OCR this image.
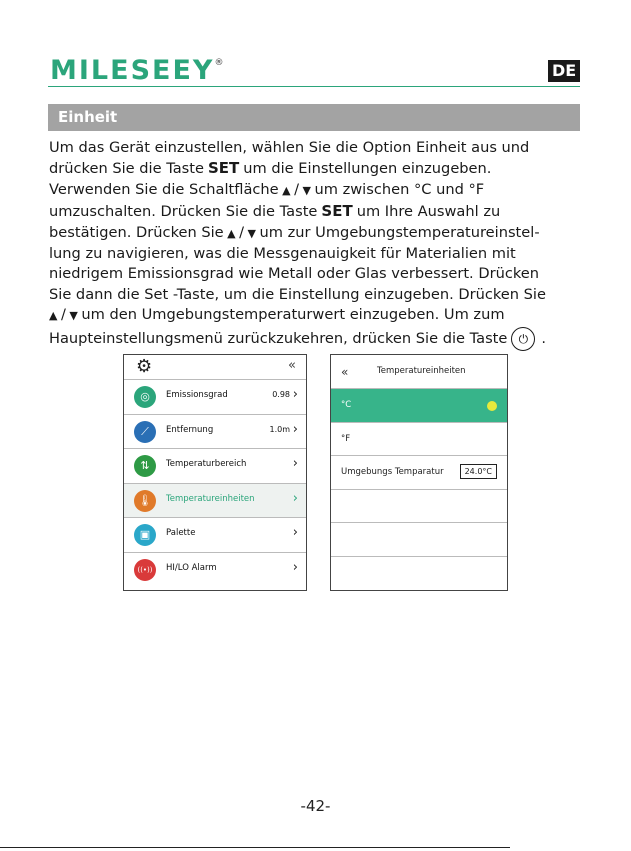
MILESEEY®	DE
Einheit
Um das Gerät einzustellen, wählen Sie die Option Einheit aus und
drücken Sie die Taste SET um die Einstellungen einzugeben.
Verwenden Sie die Schaltfläche ▲ / ▼ um zwischen °C und °F
umzuschalten. Drücken Sie die Taste SET um Ihre Auswahl zu
bestätigen. Drücken Sie ▲ / ▼ um zur Umgebungstemperatureinstel-
lung zu navigieren, was die Messgenauigkeit für Materialien mit
niedrigem Emissionsgrad wie Metall oder Glas verbessert. Drücken
Sie dann die Set -Taste, um die Einstellung einzugeben. Drücken Sie
▲ / ▼ um den Umgebungstemperaturwert einzugeben. Um zum
Haupteinstellungsmenü zurückzukehren, drücken Sie die Taste ⏻ .
⚙	«
◎	Emissionsgrad	0.98 ›
⟋	Entfernung	1.0m ›
⇅	Temperaturbereich	›
🌡	Temperatureinheiten	›
▣	Palette	›
((•))	HI/LO Alarm	›
«	Temperatureinheiten
°C
°F
Umgebungs Temparatur	24.0°C
-42-
